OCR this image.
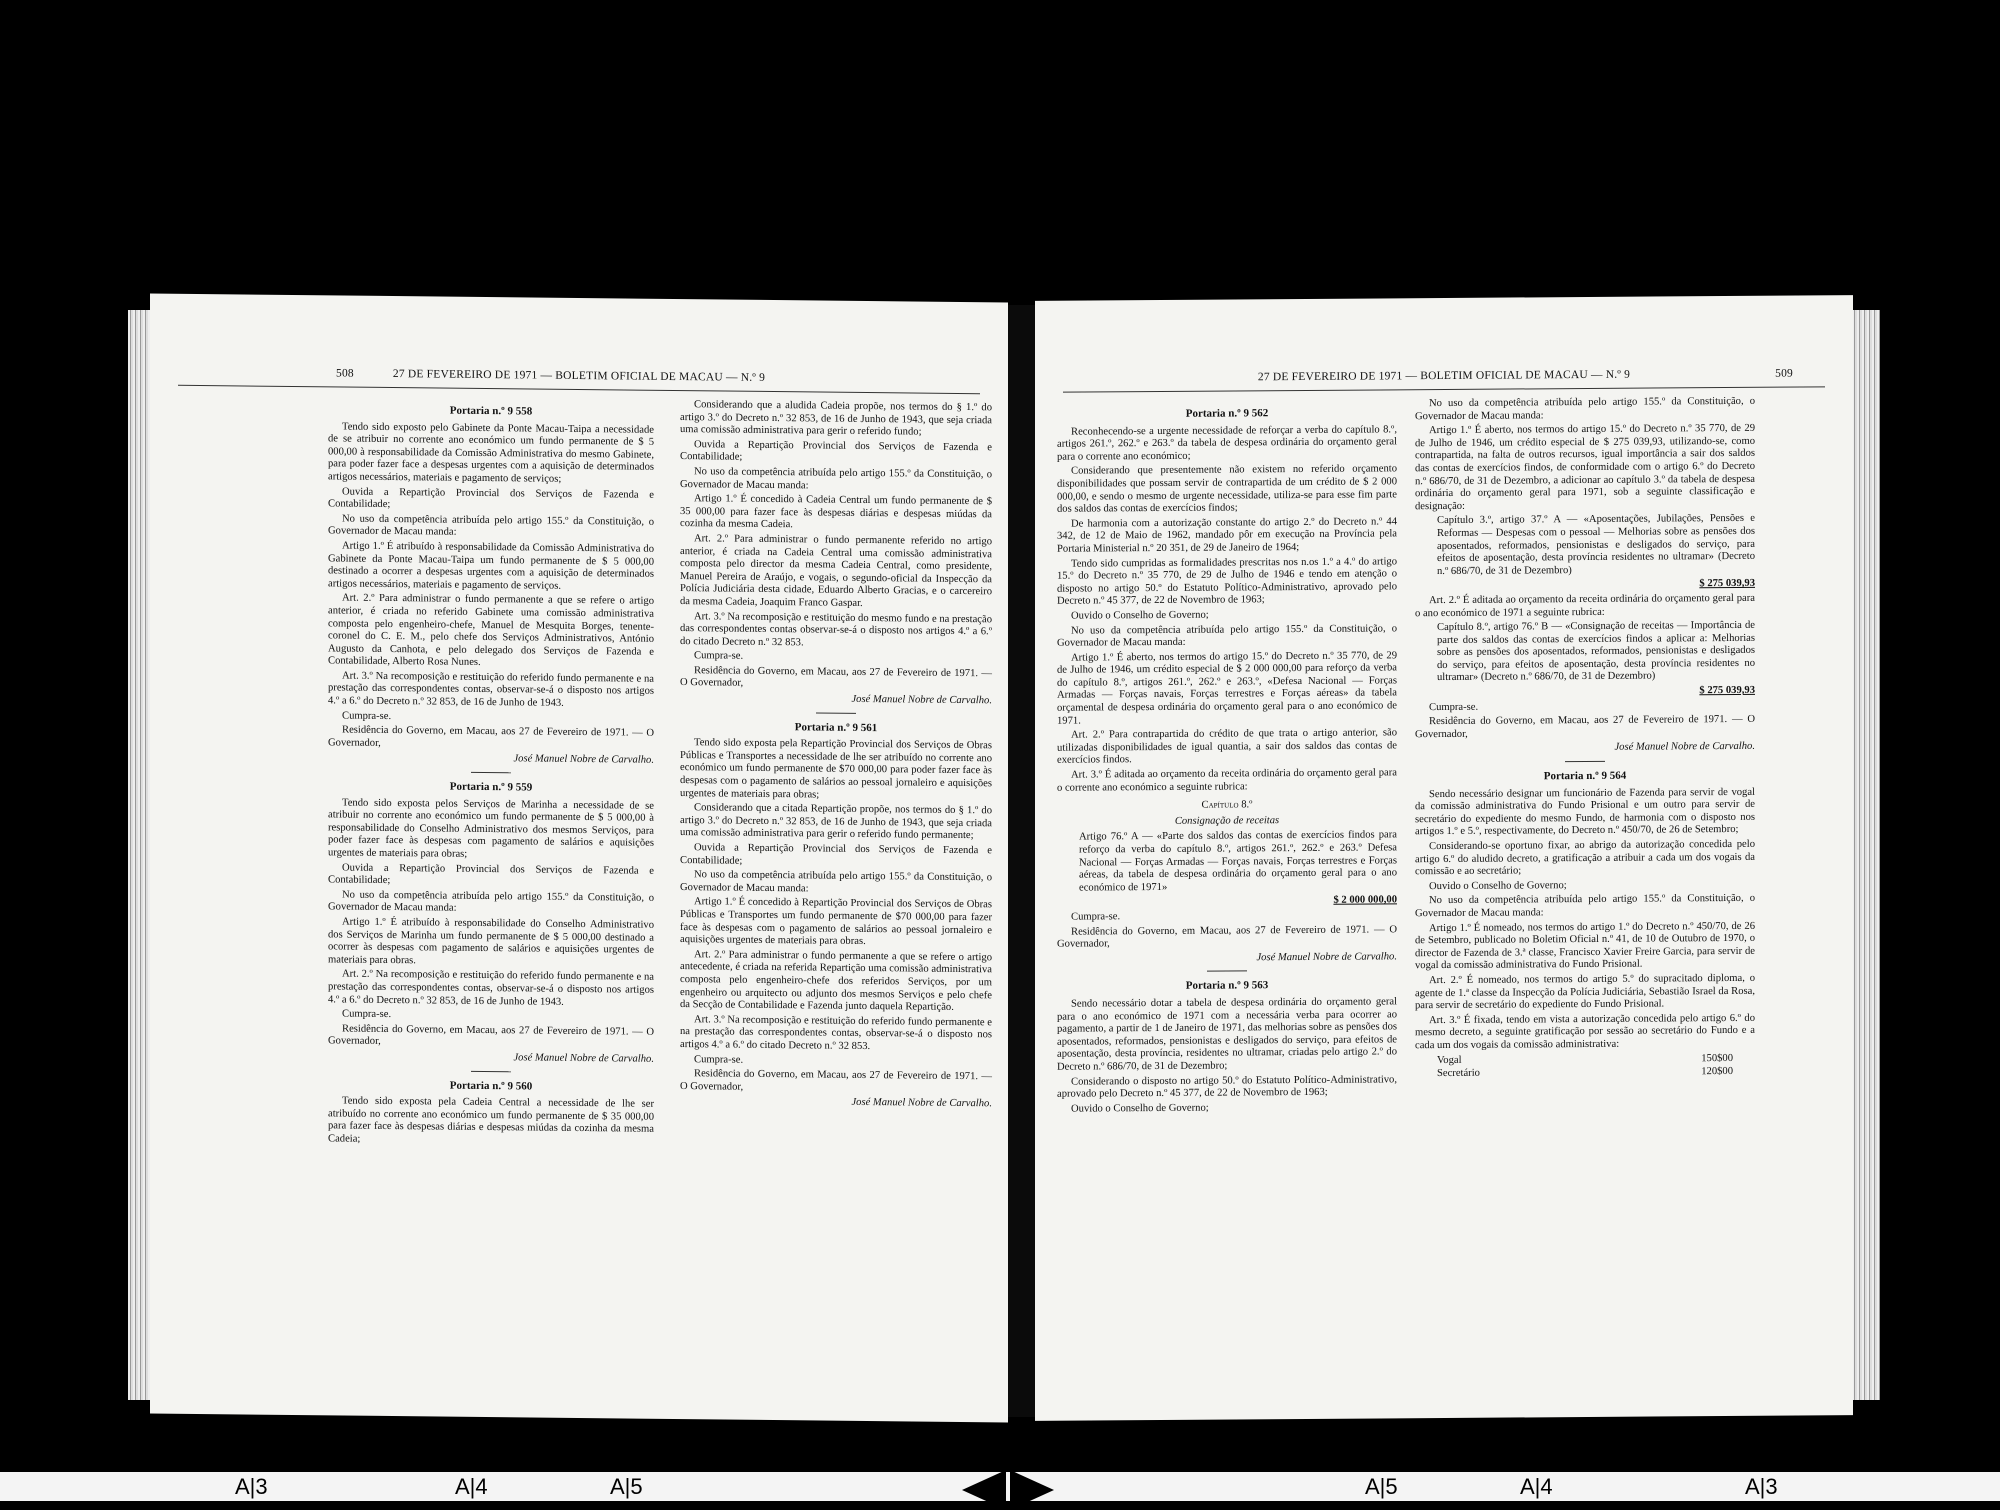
508	27 DE FEVEREIRO DE 1971 — BOLETIM OFICIAL DE MACAU — N.º 9
Portaria n.º 9 558

Tendo sido exposto pelo Gabinete da Ponte Macau-Taipa a necessidade de se atribuir no corrente ano económico um fundo permanente de $ 5 000,00 à responsabilidade da Comissão Administrativa do mesmo Gabinete, para poder fazer face a despesas urgentes com a aquisição de determinados artigos necessários, materiais e pagamento de serviços;

Ouvida a Repartição Provincial dos Serviços de Fazenda e Contabilidade;

No uso da competência atribuída pelo artigo 155.º da Constituição, o Governador de Macau manda:

Artigo 1.º É atribuído à responsabilidade da Comissão Administrativa do Gabinete da Ponte Macau-Taipa um fundo permanente de $ 5 000,00 destinado a ocorrer a despesas urgentes com a aquisição de determinados artigos necessários, materiais e pagamento de serviços.

Art. 2.º Para administrar o fundo permanente a que se refere o artigo anterior, é criada no referido Gabinete uma comissão administrativa composta pelo engenheiro-chefe, Manuel de Mesquita Borges, tenente-coronel do C. E. M., pelo chefe dos Serviços Administrativos, António Augusto da Canhota, e pelo delegado dos Serviços de Fazenda e Contabilidade, Alberto Rosa Nunes.

Art. 3.º Na recomposição e restituição do referido fundo permanente e na prestação das correspondentes contas, observar-se-á o disposto nos artigos 4.º a 6.º do Decreto n.º 32 853, de 16 de Junho de 1943.

Cumpra-se.

Residência do Governo, em Macau, aos 27 de Fevereiro de 1971. — O Governador,

José Manuel Nobre de Carvalho.

Portaria n.º 9 559

Tendo sido exposta pelos Serviços de Marinha a necessidade de se atribuir no corrente ano económico um fundo permanente de $ 5 000,00 à responsabilidade do Conselho Administrativo dos mesmos Serviços, para poder fazer face às despesas com pagamento de salários e aquisições urgentes de materiais para obras;

Ouvida a Repartição Provincial dos Serviços de Fazenda e Contabilidade;

No uso da competência atribuída pelo artigo 155.º da Constituição, o Governador de Macau manda:

Artigo 1.º É atribuído à responsabilidade do Conselho Administrativo dos Serviços de Marinha um fundo permanente de $ 5 000,00 destinado a ocorrer às despesas com pagamento de salários e aquisições urgentes de materiais para obras.

Art. 2.º Na recomposição e restituição do referido fundo permanente e na prestação das correspondentes contas, observar-se-á o disposto nos artigos 4.º a 6.º do Decreto n.º 32 853, de 16 de Junho de 1943.

Cumpra-se.

Residência do Governo, em Macau, aos 27 de Fevereiro de 1971. — O Governador,

José Manuel Nobre de Carvalho.

Portaria n.º 9 560

Tendo sido exposta pela Cadeia Central a necessidade de lhe ser atribuído no corrente ano económico um fundo permanente de $ 35 000,00 para fazer face às despesas diárias e despesas miúdas da cozinha da mesma Cadeia;

Considerando que a aludida Cadeia propõe, nos termos do § 1.º do artigo 3.º do Decreto n.º 32 853, de 16 de Junho de 1943, que seja criada uma comissão administrativa para gerir o referido fundo;

Ouvida a Repartição Provincial dos Serviços de Fazenda e Contabilidade;

No uso da competência atribuída pelo artigo 155.º da Constituição, o Governador de Macau manda:

Artigo 1.º É concedido à Cadeia Central um fundo permanente de $ 35 000,00 para fazer face às despesas diárias e despesas miúdas da cozinha da mesma Cadeia.

Art. 2.º Para administrar o fundo permanente referido no artigo anterior, é criada na Cadeia Central uma comissão administrativa composta pelo director da mesma Cadeia Central, como presidente, Manuel Pereira de Araújo, e vogais, o segundo-oficial da Inspecção da Polícia Judiciária desta cidade, Eduardo Alberto Gracias, e o carcereiro da mesma Cadeia, Joaquim Franco Gaspar.

Art. 3.º Na recomposição e restituição do mesmo fundo e na prestação das correspondentes contas observar-se-á o disposto nos artigos 4.º a 6.º do citado Decreto n.º 32 853.

Cumpra-se.

Residência do Governo, em Macau, aos 27 de Fevereiro de 1971. — O Governador,

José Manuel Nobre de Carvalho.

Portaria n.º 9 561

Tendo sido exposta pela Repartição Provincial dos Serviços de Obras Públicas e Transportes a necessidade de lhe ser atribuído no corrente ano económico um fundo permanente de $70 000,00 para poder fazer face às despesas com o pagamento de salários ao pessoal jornaleiro e aquisições urgentes de materiais para obras;

Considerando que a citada Repartição propõe, nos termos do § 1.º do artigo 3.º do Decreto n.º 32 853, de 16 de Junho de 1943, que seja criada uma comissão administrativa para gerir o referido fundo permanente;

Ouvida a Repartição Provincial dos Serviços de Fazenda e Contabilidade;

No uso da competência atribuída pelo artigo 155.º da Constituição, o Governador de Macau manda:

Artigo 1.º É concedido à Repartição Provincial dos Serviços de Obras Públicas e Transportes um fundo permanente de $70 000,00 para fazer face às despesas com o pagamento de salários ao pessoal jornaleiro e aquisições urgentes de materiais para obras.

Art. 2.º Para administrar o fundo permanente a que se refere o artigo antecedente, é criada na referida Repartição uma comissão administrativa composta pelo engenheiro-chefe dos referidos Serviços, por um engenheiro ou arquitecto ou adjunto dos mesmos Serviços e pelo chefe da Secção de Contabilidade e Fazenda junto daquela Repartição.

Art. 3.º Na recomposição e restituição do referido fundo permanente e na prestação das correspondentes contas, observar-se-á o disposto nos artigos 4.º a 6.º do citado Decreto n.º 32 853.

Cumpra-se.

Residência do Governo, em Macau, aos 27 de Fevereiro de 1971. — O Governador,

José Manuel Nobre de Carvalho.

27 DE FEVEREIRO DE 1971 — BOLETIM OFICIAL DE MACAU — N.º 9	509
Portaria n.º 9 562

Reconhecendo-se a urgente necessidade de reforçar a verba do capítulo 8.º, artigos 261.º, 262.º e 263.º da tabela de despesa ordinária do orçamento geral para o corrente ano económico;

Considerando que presentemente não existem no referido orçamento disponibilidades que possam servir de contrapartida de um crédito de $ 2 000 000,00, e sendo o mesmo de urgente necessidade, utiliza-se para esse fim parte dos saldos das contas de exercícios findos;

De harmonia com a autorização constante do artigo 2.º do Decreto n.º 44 342, de 12 de Maio de 1962, mandado pôr em execução na Província pela Portaria Ministerial n.º 20 351, de 29 de Janeiro de 1964;

Tendo sido cumpridas as formalidades prescritas nos n.os 1.º a 4.º do artigo 15.º do Decreto n.º 35 770, de 29 de Julho de 1946 e tendo em atenção o disposto no artigo 50.º do Estatuto Político-Administrativo, aprovado pelo Decreto n.º 45 377, de 22 de Novembro de 1963;

Ouvido o Conselho de Governo;

No uso da competência atribuída pelo artigo 155.º da Constituição, o Governador de Macau manda:

Artigo 1.º É aberto, nos termos do artigo 15.º do Decreto n.º 35 770, de 29 de Julho de 1946, um crédito especial de $ 2 000 000,00 para reforço da verba do capítulo 8.º, artigos 261.º, 262.º e 263.º, «Defesa Nacional — Forças Armadas — Forças navais, Forças terrestres e Forças aéreas» da tabela orçamental de despesa ordinária do orçamento geral para o ano económico de 1971.

Art. 2.º Para contrapartida do crédito de que trata o artigo anterior, são utilizadas disponibilidades de igual quantia, a sair dos saldos das contas de exercícios findos.

Art. 3.º É aditada ao orçamento da receita ordinária do orçamento geral para o corrente ano económico a seguinte rubrica:

Capítulo 8.º
Consignação de receitas

Artigo 76.º A — «Parte dos saldos das contas de exercícios findos para reforço da verba do capítulo 8.º, artigos 261.º, 262.º e 263.º Defesa Nacional — Forças Armadas — Forças navais, Forças terrestres e Forças aéreas, da tabela de despesa ordinária do orçamento geral para o ano económico de 1971»

$ 2 000 000,00

Cumpra-se.

Residência do Governo, em Macau, aos 27 de Fevereiro de 1971. — O Governador,

José Manuel Nobre de Carvalho.

Portaria n.º 9 563

Sendo necessário dotar a tabela de despesa ordinária do orçamento geral para o ano económico de 1971 com a necessária verba para ocorrer ao pagamento, a partir de 1 de Janeiro de 1971, das melhorias sobre as pensões dos aposentados, reformados, pensionistas e desligados do serviço, para efeitos de aposentação, desta província, residentes no ultramar, criadas pelo artigo 2.º do Decreto n.º 686/70, de 31 de Dezembro;

Considerando o disposto no artigo 50.º do Estatuto Político-Administrativo, aprovado pelo Decreto n.º 45 377, de 22 de Novembro de 1963;

Ouvido o Conselho de Governo;

No uso da competência atribuída pelo artigo 155.º da Constituição, o Governador de Macau manda:

Artigo 1.º É aberto, nos termos do artigo 15.º do Decreto n.º 35 770, de 29 de Julho de 1946, um crédito especial de $ 275 039,93, utilizando-se, como contrapartida, na falta de outros recursos, igual importância a sair dos saldos das contas de exercícios findos, de conformidade com o artigo 6.º do Decreto n.º 686/70, de 31 de Dezembro, a adicionar ao capítulo 3.º da tabela de despesa ordinária do orçamento geral para 1971, sob a seguinte classificação e designação:

Capítulo 3.º, artigo 37.º A — «Aposentações, Jubilações, Pensões e Reformas — Despesas com o pessoal — Melhorias sobre as pensões dos aposentados, reformados, pensionistas e desligados do serviço, para efeitos de aposentação, desta província residentes no ultramar» (Decreto n.º 686/70, de 31 de Dezembro)

$ 275 039,93

Art. 2.º É aditada ao orçamento da receita ordinária do orçamento geral para o ano económico de 1971 a seguinte rubrica:

Capítulo 8.º, artigo 76.º B — «Consignação de receitas — Importância de parte dos saldos das contas de exercícios findos a aplicar a: Melhorias sobre as pensões dos aposentados, reformados, pensionistas e desligados do serviço, para efeitos de aposentação, desta província residentes no ultramar» (Decreto n.º 686/70, de 31 de Dezembro)

$ 275 039,93

Cumpra-se.

Residência do Governo, em Macau, aos 27 de Fevereiro de 1971. — O Governador,

José Manuel Nobre de Carvalho.

Portaria n.º 9 564

Sendo necessário designar um funcionário de Fazenda para servir de vogal da comissão administrativa do Fundo Prisional e um outro para servir de secretário do expediente do mesmo Fundo, de harmonia com o disposto nos artigos 1.º e 5.º, respectivamente, do Decreto n.º 450/70, de 26 de Setembro;

Considerando-se oportuno fixar, ao abrigo da autorização concedida pelo artigo 6.º do aludido decreto, a gratificação a atribuir a cada um dos vogais da comissão e ao secretário;

Ouvido o Conselho de Governo;

No uso da competência atribuída pelo artigo 155.º da Constituição, o Governador de Macau manda:

Artigo 1.º É nomeado, nos termos do artigo 1.º do Decreto n.º 450/70, de 26 de Setembro, publicado no Boletim Oficial n.º 41, de 10 de Outubro de 1970, o director de Fazenda de 3.ª classe, Francisco Xavier Freire Garcia, para servir de vogal da comissão administrativa do Fundo Prisional.

Art. 2.º É nomeado, nos termos do artigo 5.º do supracitado diploma, o agente de 1.ª classe da Inspecção da Polícia Judiciária, Sebastião Israel da Rosa, para servir de secretário do expediente do Fundo Prisional.

Art. 3.º É fixada, tendo em vista a autorização concedida pelo artigo 6.º do mesmo decreto, a seguinte gratificação por sessão ao secretário do Fundo e a cada um dos vogais da comissão administrativa:

Vogal	150$00
Secretário	120$00
A|3	A|4	A|5	A|5	A|4	A|3
